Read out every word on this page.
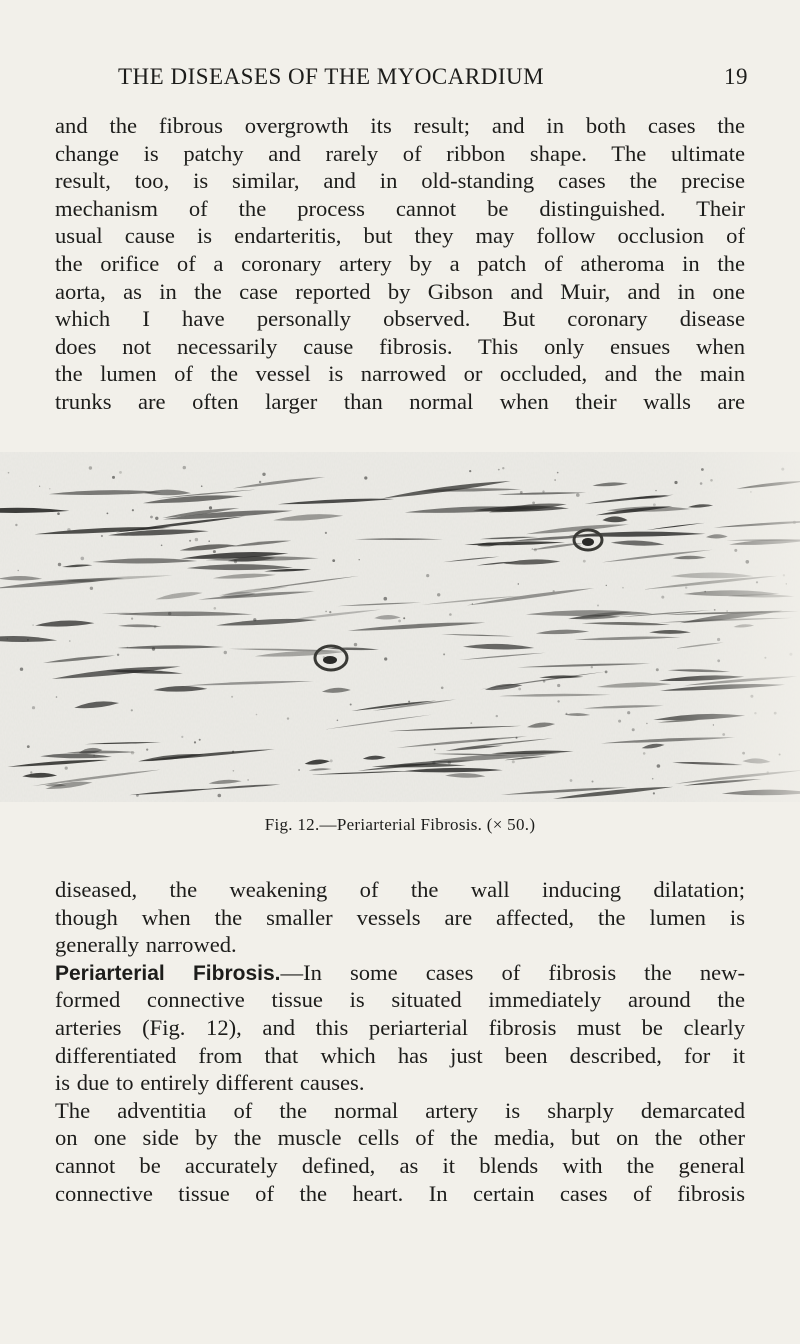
THE DISEASES OF THE MYOCARDIUM	19
and the fibrous overgrowth its result; and in both cases the
change is patchy and rarely of ribbon shape. The ultimate
result, too, is similar, and in old-standing cases the precise
mechanism of the process cannot be distinguished. Their
usual cause is endarteritis, but they may follow occlusion of
the orifice of a coronary artery by a patch of atheroma in the
aorta, as in the case reported by Gibson and Muir, and in one
which I have personally observed. But coronary disease
does not necessarily cause fibrosis. This only ensues when
the lumen of the vessel is narrowed or occluded, and the main
trunks are often larger than normal when their walls are
Fig. 12.—Periarterial Fibrosis. (× 50.)
diseased, the weakening of the wall inducing dilatation;
though when the smaller vessels are affected, the lumen is
generally narrowed.
Periarterial Fibrosis.—In some cases of fibrosis the new-
formed connective tissue is situated immediately around the
arteries (Fig. 12), and this periarterial fibrosis must be clearly
differentiated from that which has just been described, for it
is due to entirely different causes.
The adventitia of the normal artery is sharply demarcated
on one side by the muscle cells of the media, but on the other
cannot be accurately defined, as it blends with the general
connective tissue of the heart. In certain cases of fibrosis
